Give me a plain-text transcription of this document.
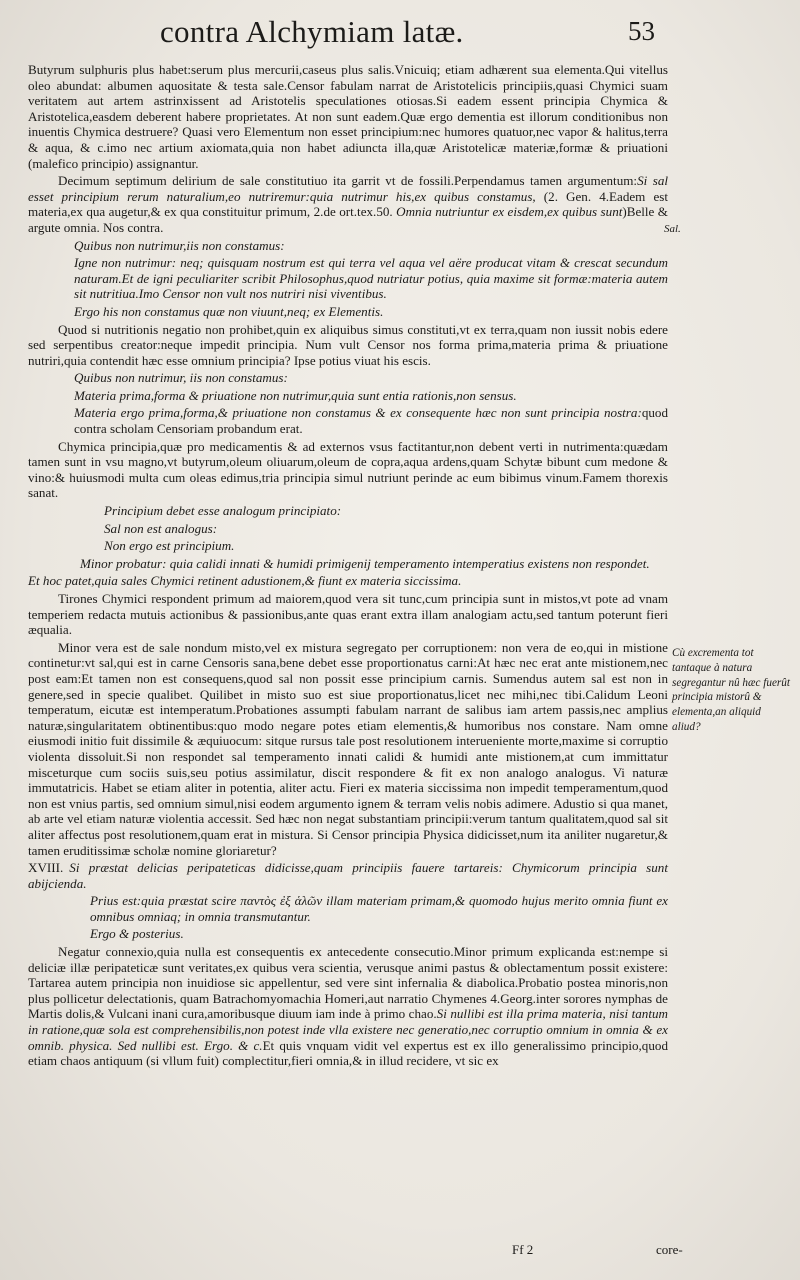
contra Alchymiam latæ.	53

Butyrum sulphuris plus habet:serum plus mercurii,caseus plus salis.Vnicuiq; etiam adhærent sua elementa.Qui vitellus oleo abundat: albumen aquositate & testa sale.Censor fabulam narrat de Aristotelicis principiis,quasi Chymici suam veritatem aut artem astrinxissent ad Aristotelis speculationes otiosas.Si eadem essent principia Chymica & Aristotelica,easdem deberent habere proprietates. At non sunt eadem.Quæ ergo dementia est illorum conditionibus non inuentis Chymica destruere? Quasi vero Elementum non esset principium:nec humores quatuor,nec vapor & halitus,terra & aqua, & c.imo nec artium axiomata,quia non habet adiuncta illa,quæ Aristotelicæ materiæ,formæ & priuationi (malefico principio) assignantur.

Decimum septimum delirium de sale constitutiuo ita garrit vt de fossili.Perpendamus tamen argumentum:Si sal esset principium rerum naturalium,eo nutriremur:quia nutrimur his,ex quibus constamus, (2. Gen. 4.Eadem est materia,ex qua augetur,& ex qua constituitur primum, 2.de ort.tex.50. Omnia nutriuntur ex eisdem,ex quibus sunt)Belle & argute omnia. Nos contra.

Quibus non nutrimur,iis non constamus:

Igne non nutrimur: neq; quisquam nostrum est qui terra vel aqua vel aëre producat vitam & crescat secundum naturam.Et de igni peculiariter scribit Philosophus,quod nutriatur potius, quia maxime sit formæ:materia autem sit nutritiua.Imo Censor non vult nos nutriri nisi viventibus.

Ergo his non constamus quæ non viuunt,neq; ex Elementis.

Quod si nutritionis negatio non prohibet,quin ex aliquibus simus constituti,vt ex terra,quam non iussit nobis edere sed serpentibus creator:neque impedit principia. Num vult Censor nos forma prima,materia prima & priuatione nutriri,quia contendit hæc esse omnium principia? Ipse potius viuat his escis.

Quibus non nutrimur, iis non constamus:

Materia prima,forma & priuatione non nutrimur,quia sunt entia rationis,non sensus.

Materia ergo prima,forma,& priuatione non constamus & ex consequente hæc non sunt principia nostra:quod contra scholam Censoriam probandum erat.

Chymica principia,quæ pro medicamentis & ad externos vsus factitantur,non debent verti in nutrimenta:quædam tamen sunt in vsu magno,vt butyrum,oleum oliuarum,oleum de copra,aqua ardens,quam Schytæ bibunt cum medone & vino:& huiusmodi multa cum oleas edimus,tria principia simul nutriunt perinde ac eum bibimus vinum.Famem thorexis sanat.

Principium debet esse analogum principiato:

Sal non est analogus:

Non ergo est principium.

Minor probatur: quia calidi innati & humidi primigenij temperamento intemperatius existens non respondet.

Et hoc patet,quia sales Chymici retinent adustionem,& fiunt ex materia siccissima.

Tirones Chymici respondent primum ad maiorem,quod vera sit tunc,cum principia sunt in mistos,vt pote ad vnam temperiem redacta mutuis actionibus & passionibus,ante quas erant extra illam analogiam actu,sed tantum poterunt fieri æqualia.

Minor vera est de sale nondum misto,vel ex mistura segregato per corruptionem: non vera de eo,qui in mistione continetur:vt sal,qui est in carne Censoris sana,bene debet esse proportionatus carni:At hæc nec erat ante mistionem,nec post eam:Et tamen non est consequens,quod sal non possit esse principium carnis. Sumendus autem sal est non in genere,sed in specie qualibet. Quilibet in misto suo est siue proportionatus,licet nec mihi,nec tibi.Calidum Leoni temperatum, eicutæ est intemperatum.Probationes assumpti fabulam narrant de salibus iam artem passis,nec amplius naturæ,singularitatem obtinentibus:quo modo negare potes etiam elementis,& humoribus nos constare. Nam omne eiusmodi initio fuit dissimile & æquiuocum: sitque rursus tale post resolutionem interueniente morte,maxime si corruptio violenta dissoluit.Si non respondet sal temperamento innati calidi & humidi ante mistionem,at cum immittatur misceturque cum sociis suis,seu potius assimilatur, discit respondere & fit ex non analogo analogus. Vi naturæ immutatricis. Habet se etiam aliter in potentia, aliter actu. Fieri ex materia siccissima non impedit temperamentum,quod non est vnius partis, sed omnium simul,nisi eodem argumento ignem & terram velis nobis adimere. Adustio si qua manet, ab arte vel etiam naturæ violentia accessit. Sed hæc non negat substantiam principii:verum tantum qualitatem,quod sal sit aliter affectus post resolutionem,quam erat in mistura. Si Censor principia Physica didicisset,num ita aniliter nugaretur,& tamen eruditissimæ scholæ nomine gloriaretur?

XVIII. Si præstat delicias peripateticas didicisse,quam principiis fauere tartareis: Chymicorum principia sunt abijcienda.

Prius est:quia præstat scire παντὸς ἐξ ἁλῶν illam materiam primam,& quomodo hujus merito omnia fiunt ex omnibus omniaq; in omnia transmutantur.

Ergo & posterius.

Negatur connexio,quia nulla est consequentis ex antecedente consecutio.Minor primum explicanda est:nempe si deliciæ illæ peripateticæ sunt veritates,ex quibus vera scientia, verusque animi pastus & oblectamentum possit existere: Tartarea autem principia non inuidiose sic appellentur, sed vere sint infernalia & diabolica.Probatio postea minoris,non plus pollicetur delectationis, quam Batrachomyomachia Homeri,aut narratio Chymenes 4.Georg.inter sorores nymphas de Martis dolis,& Vulcani inani cura,amoribusque diuum iam inde à primo chao.Si nullibi est illa prima materia, nisi tantum in ratione,quæ sola est comprehensibilis,non potest inde vlla existere nec generatio,nec corruptio omnium in omnia & ex omnib. physica. Sed nullibi est. Ergo. & c.Et quis vnquam vidit vel expertus est ex illo generalissimo principio,quod etiam chaos antiquum (si vllum fuit) complectitur,fieri omnia,& in illud recidere, vt sic ex

Sal.
Cù excrementa tot tantaque à natura segregantur nû hæc fuerût principia mistorû & elementa,an aliquid aliud?
Ff 2	core-
